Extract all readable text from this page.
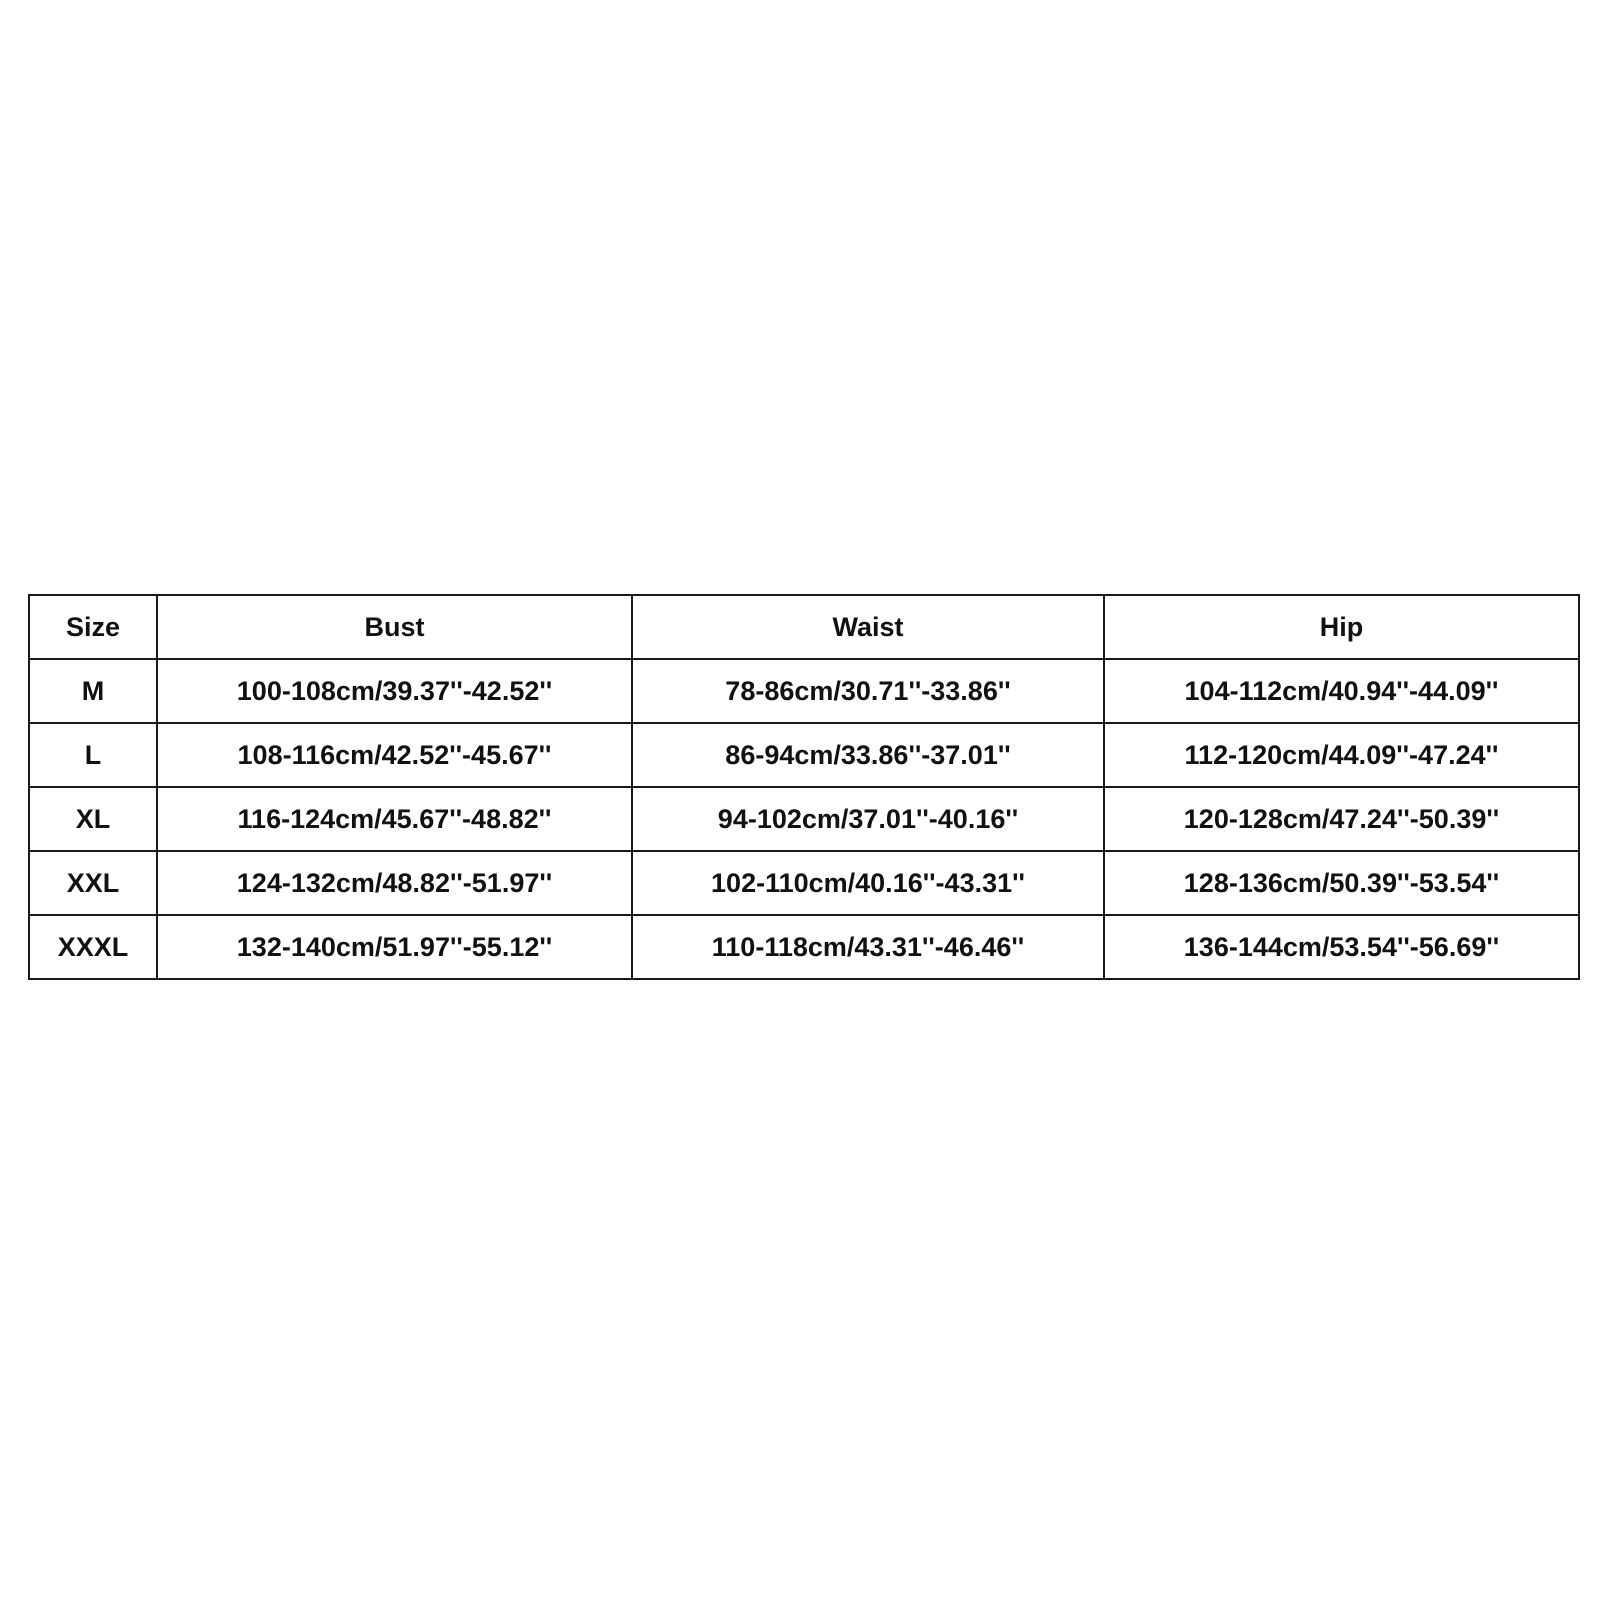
Size	Bust	Waist	Hip
M	100-108cm/39.37''-42.52''	78-86cm/30.71''-33.86''	104-112cm/40.94''-44.09''
L	108-116cm/42.52''-45.67''	86-94cm/33.86''-37.01''	112-120cm/44.09''-47.24''
XL	116-124cm/45.67''-48.82''	94-102cm/37.01''-40.16''	120-128cm/47.24''-50.39''
XXL	124-132cm/48.82''-51.97''	102-110cm/40.16''-43.31''	128-136cm/50.39''-53.54''
XXXL	132-140cm/51.97''-55.12''	110-118cm/43.31''-46.46''	136-144cm/53.54''-56.69''
